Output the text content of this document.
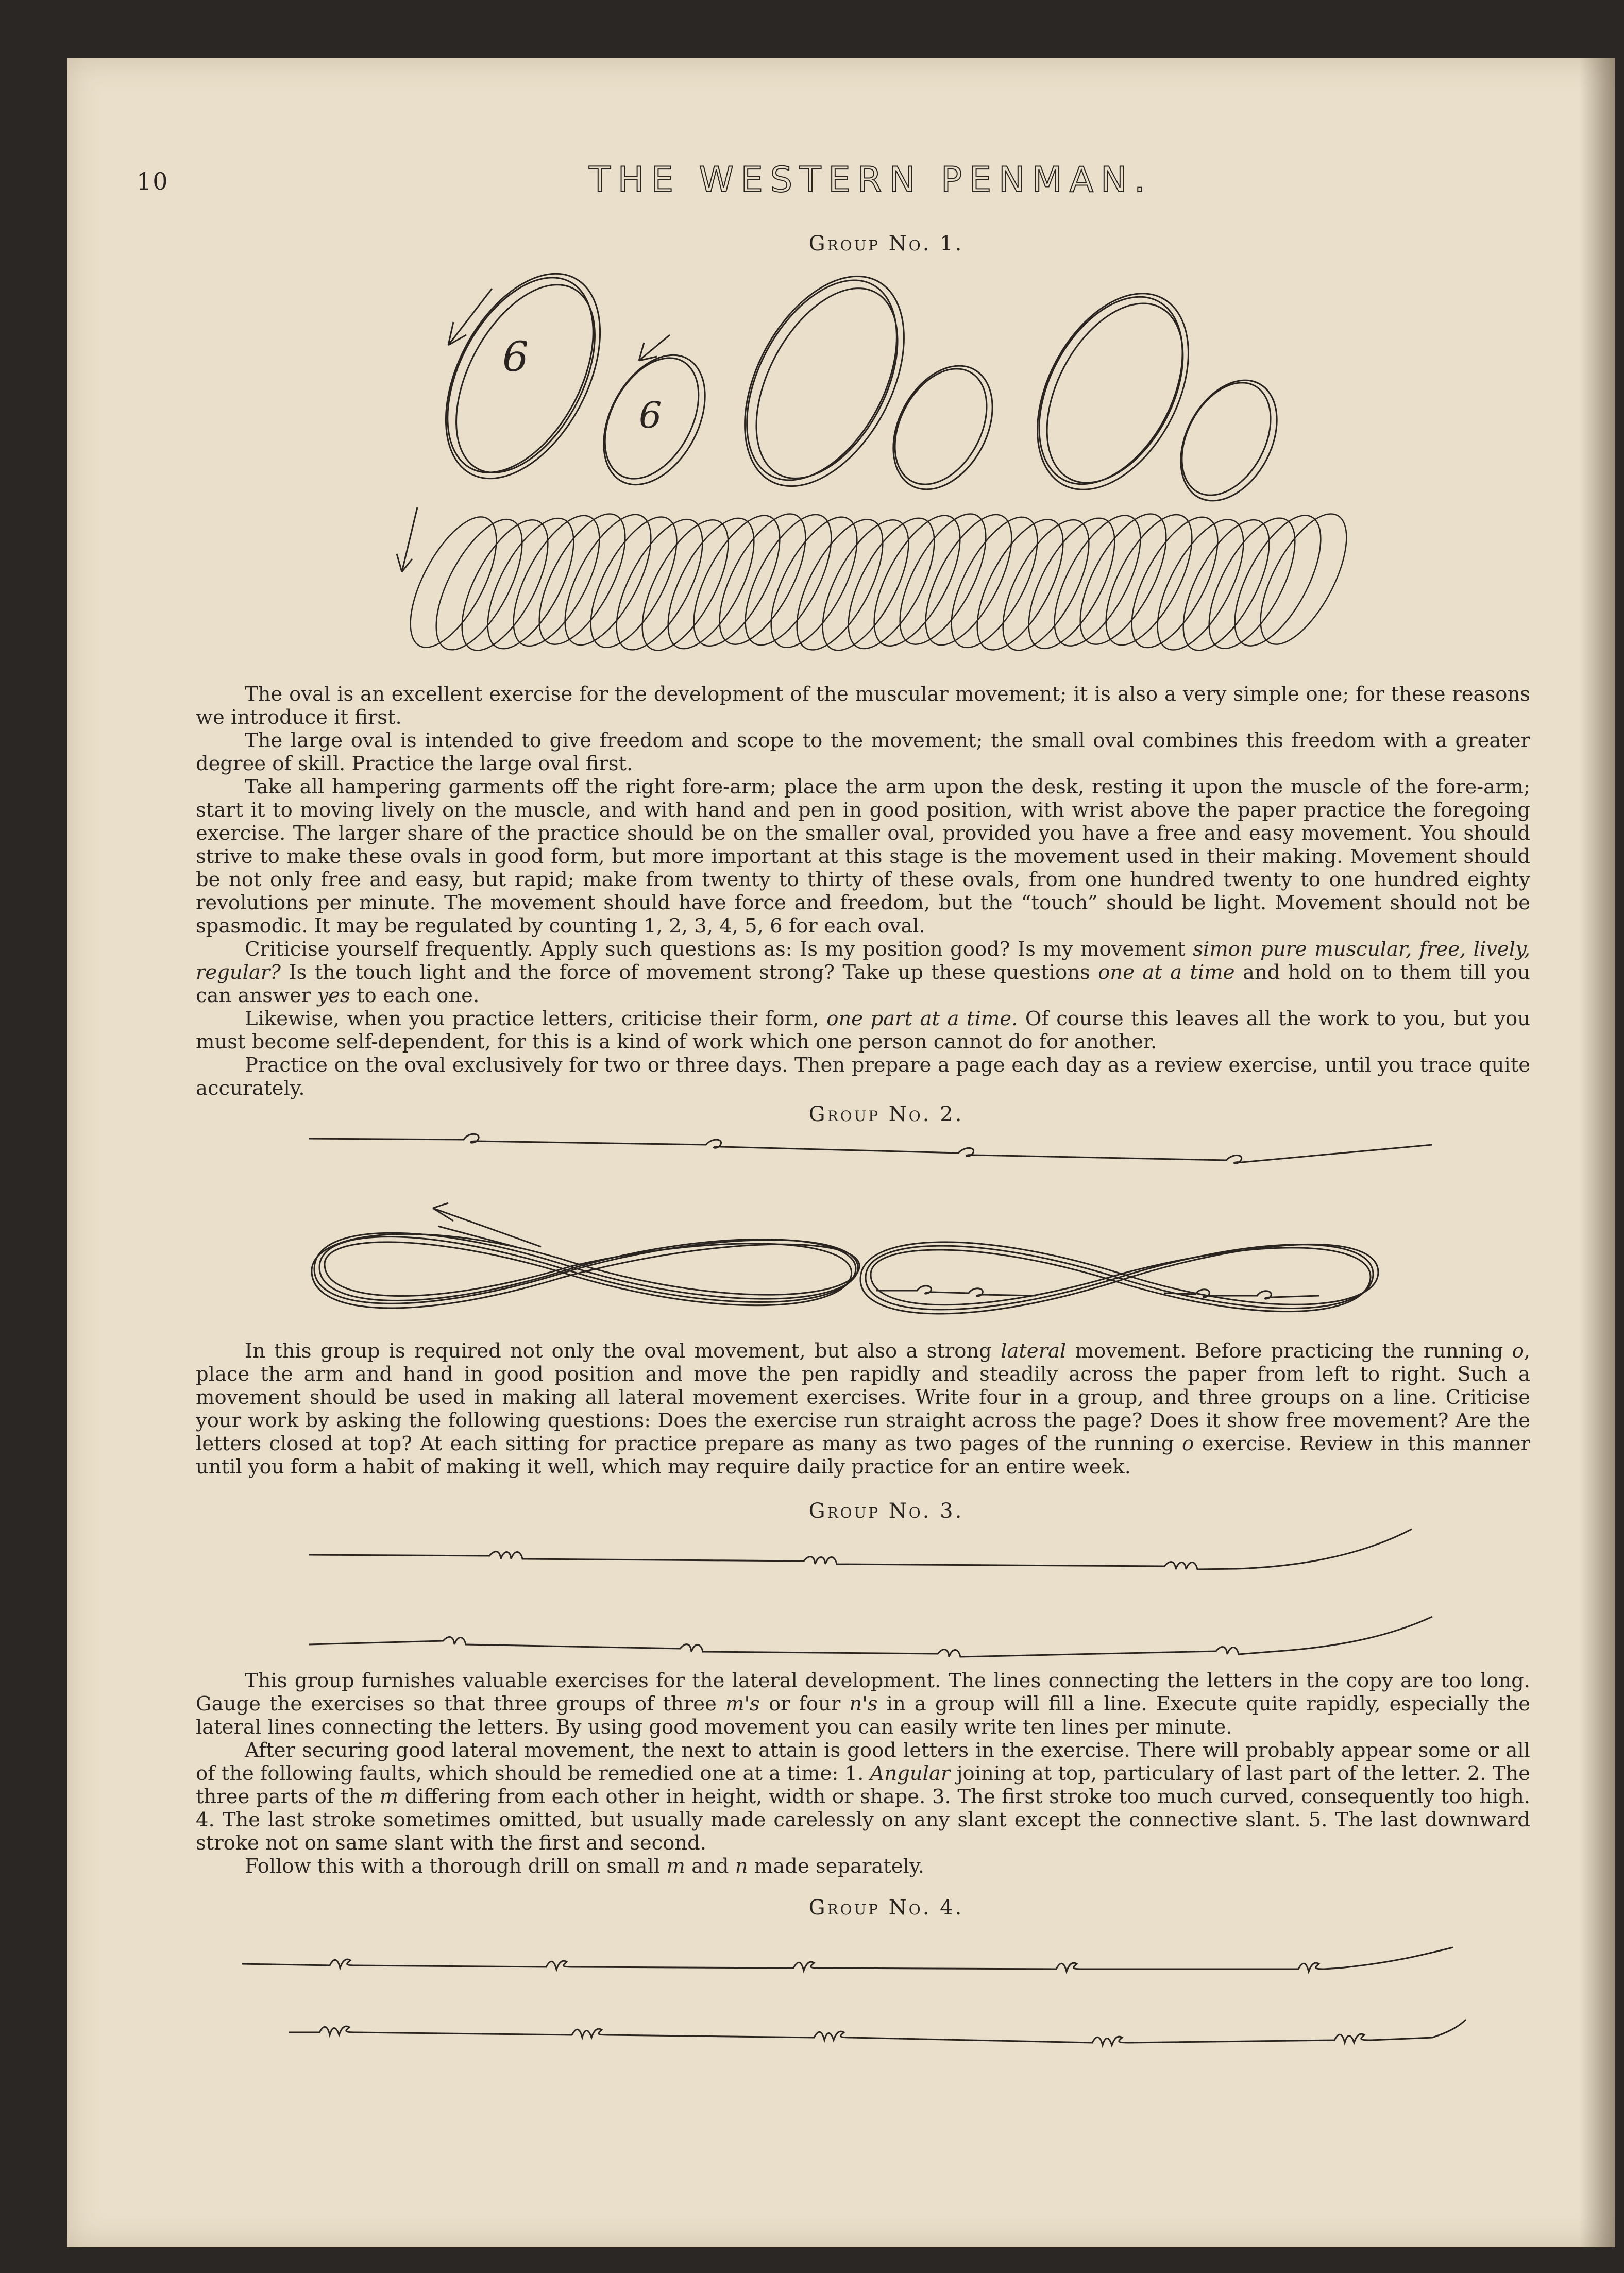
10	THE WESTERN PENMAN.
Group No. 1.
6
6

The oval is an excellent exercise for the development of the muscular movement; it is also a very simple one; for these reasons we introduce it first.

The large oval is intended to give freedom and scope to the movement; the small oval combines this freedom with a greater degree of skill. Practice the large oval first.

Take all hampering garments off the right fore-arm; place the arm upon the desk, resting it upon the muscle of the fore-arm; start it to moving lively on the muscle, and with hand and pen in good position, with wrist above the paper practice the foregoing exercise. The larger share of the practice should be on the smaller oval, provided you have a free and easy movement. You should strive to make these ovals in good form, but more important at this stage is the movement used in their making. Movement should be not only free and easy, but rapid; make from twenty to thirty of these ovals, from one hundred twenty to one hundred eighty revolutions per minute. The movement should have force and freedom, but the “touch” should be light. Movement should not be spasmodic. It may be regulated by counting 1, 2, 3, 4, 5, 6 for each oval.

Criticise yourself frequently. Apply such questions as: Is my position good? Is my movement simon pure muscular, free, lively, regular? Is the touch light and the force of movement strong? Take up these questions one at a time and hold on to them till you can answer yes to each one.

Likewise, when you practice letters, criticise their form, one part at a time. Of course this leaves all the work to you, but you must become self-dependent, for this is a kind of work which one person cannot do for another.

Practice on the oval exclusively for two or three days. Then prepare a page each day as a review exercise, until you trace quite accurately.

Group No. 2.

In this group is required not only the oval movement, but also a strong lateral movement. Before practicing the running o, place the arm and hand in good position and move the pen rapidly and steadily across the paper from left to right. Such a movement should be used in making all lateral movement exercises. Write four in a group, and three groups on a line. Criticise your work by asking the following questions: Does the exercise run straight across the page? Does it show free movement? Are the letters closed at top? At each sitting for practice prepare as many as two pages of the running o exercise. Review in this manner until you form a habit of making it well, which may require daily practice for an entire week.

Group No. 3.

This group furnishes valuable exercises for the lateral development. The lines connecting the letters in the copy are too long. Gauge the exercises so that three groups of three m's or four n's in a group will fill a line. Execute quite rapidly, especially the lateral lines connecting the letters. By using good movement you can easily write ten lines per minute.

After securing good lateral movement, the next to attain is good letters in the exercise. There will probably appear some or all of the following faults, which should be remedied one at a time: 1. Angular joining at top, particulary of last part of the letter. 2. The three parts of the m differing from each other in height, width or shape. 3. The first stroke too much curved, consequently too high. 4. The last stroke sometimes omitted, but usually made carelessly on any slant except the connective slant. 5. The last downward stroke not on same slant with the first and second.

Follow this with a thorough drill on small m and n made separately.

Group No. 4.
